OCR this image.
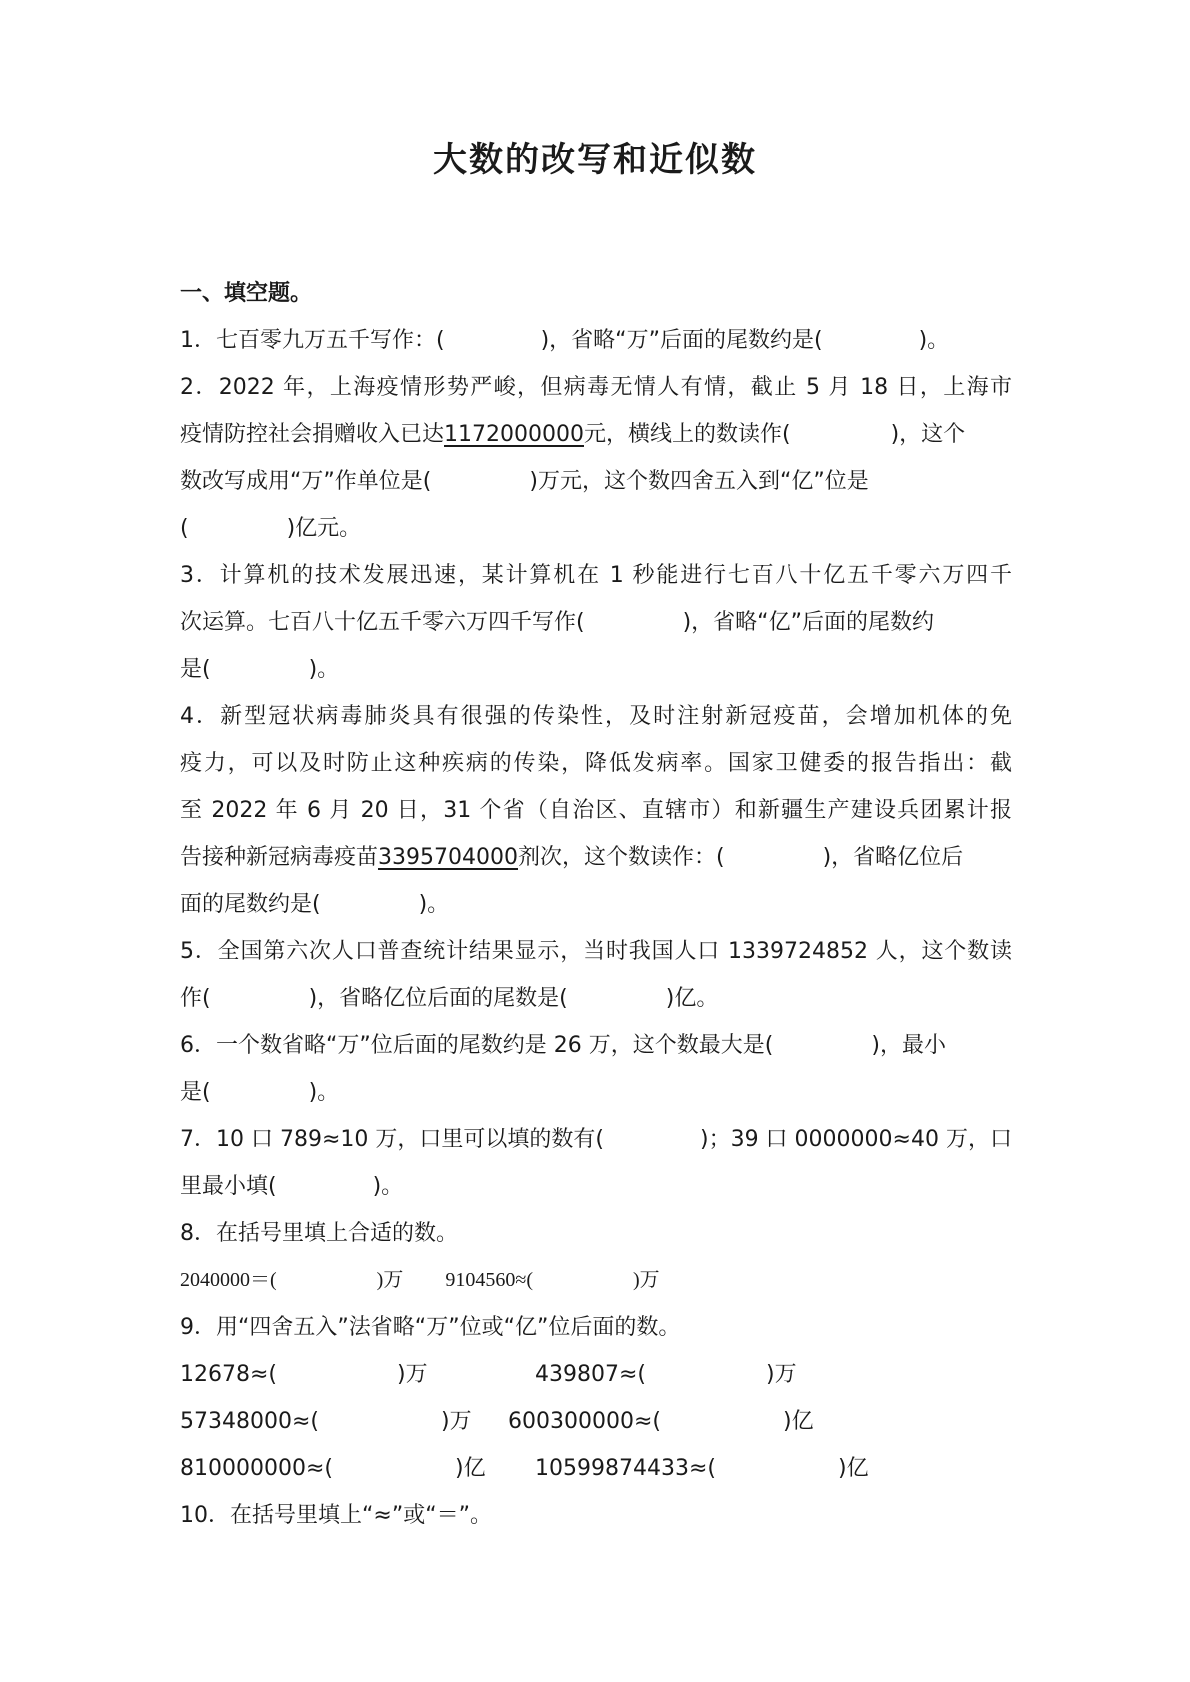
大数的改写和近似数
一、填空题。
1．七百零九万五千写作：(	)，省略“万”后面的尾数约是(	)。
2．2022 年，上海疫情形势严峻，但病毒无情人有情，截止 5 月 18 日，上海市
疫情防控社会捐赠收入已达1172000000元，横线上的数读作(	)，这个
数改写成用“万”作单位是(	)万元，这个数四舍五入到“亿”位是
(	)亿元。
3．计算机的技术发展迅速，某计算机在 1 秒能进行七百八十亿五千零六万四千
次运算。七百八十亿五千零六万四千写作(	)，省略“亿”后面的尾数约
是(	)。
4．新型冠状病毒肺炎具有很强的传染性，及时注射新冠疫苗，会增加机体的免
疫力，可以及时防止这种疾病的传染，降低发病率。国家卫健委的报告指出：截
至 2022 年 6 月 20 日，31 个省（自治区、直辖市）和新疆生产建设兵团累计报
告接种新冠病毒疫苗3395704000剂次，这个数读作：(	)，省略亿位后
面的尾数约是(	)。
5．全国第六次人口普查统计结果显示，当时我国人口 1339724852 人，这个数读
作(	)，省略亿位后面的尾数是(	)亿。
6．一个数省略“万”位后面的尾数约是 26 万，这个数最大是(	)，最小
是(	)。
7．10 口 789≈10 万，口里可以填的数有(	)；39 口 0000000≈40 万，口
里最小填(	)。
8．在括号里填上合适的数。
2040000＝(	)万 9104560≈(	)万
9．用“四舍五入”法省略“万”位或“亿”位后面的数。
12678≈(	)万	439807≈(	)万
57348000≈(	)万 600300000≈(	)亿
810000000≈(	)亿 10599874433≈(	)亿
10．在括号里填上“≈”或“＝”。
